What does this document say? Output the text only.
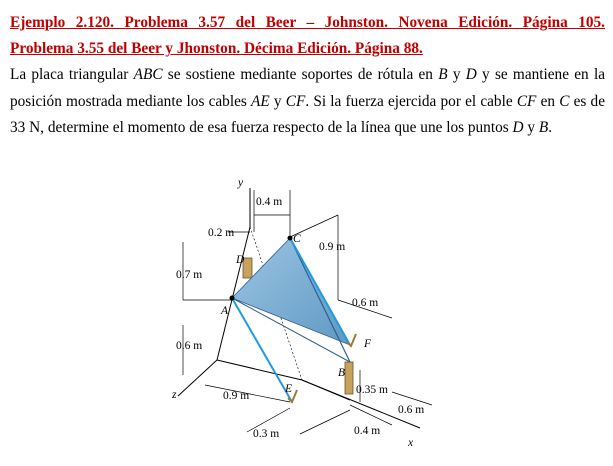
Ejemplo 2.120. Problema 3.57 del Beer – Johnston. Novena Edición. Página 105.
Problema 3.55 del Beer y Jhonston. Décima Edición. Página 88.
La placa triangular ABC se sostiene mediante soportes de rótula en B y D y se mantiene en la posición mostrada mediante los cables AE y CF. Si la fuerza ejercida por el cable CF en C es de 33 N, determine el momento de esa fuerza respecto de la línea que une los puntos D y B.
y
z
x
A
B
C
D
E
F
0.4 m
0.2 m
0.9 m
0.7 m
0.6 m
0.6 m
0.9 m
0.3 m
0.35 m
0.4 m
0.6 m
